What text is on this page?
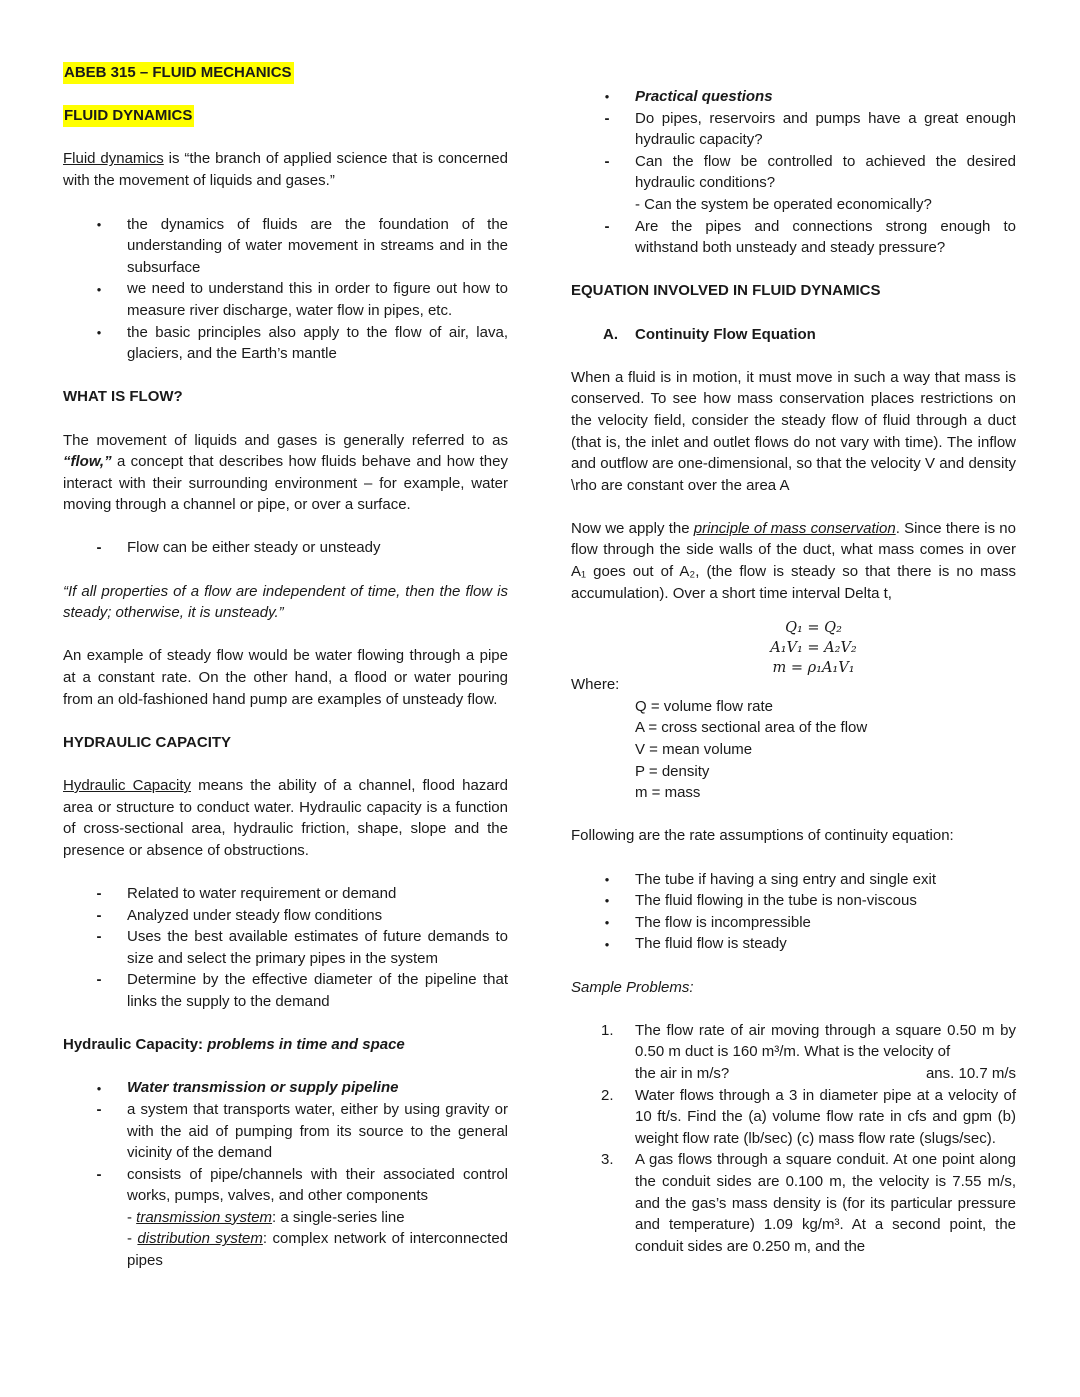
ABEB 315 – FLUID MECHANICS

FLUID DYNAMICS

Fluid dynamics is “the branch of applied science that is concerned with the movement of liquids and gases.”

●
the dynamics of fluids are the foundation of the understanding of water movement in streams and in the subsurface
●
we need to understand this in order to figure out how to measure river discharge, water flow in pipes, etc.
●
the basic principles also apply to the flow of air, lava, glaciers, and the Earth’s mantle

WHAT IS FLOW?

The movement of liquids and gases is generally referred to as “flow,” a concept that describes how fluids behave and how they interact with their surrounding environment – for example, water moving through a channel or pipe, or over a surface.

-
Flow can be either steady or unsteady

“If all properties of a flow are independent of time, then the flow is steady; otherwise, it is unsteady.”

An example of steady flow would be water flowing through a pipe at a constant rate. On the other hand, a flood or water pouring from an old-fashioned hand pump are examples of unsteady flow.

HYDRAULIC CAPACITY

Hydraulic Capacity means the ability of a channel, flood hazard area or structure to conduct water. Hydraulic capacity is a function of cross-sectional area, hydraulic friction, shape, slope and the presence or absence of obstructions.

-
Related to water requirement or demand
-
Analyzed under steady flow conditions
-
Uses the best available estimates of future demands to size and select the primary pipes in the system
-
Determine by the effective diameter of the pipeline that links the supply to the demand

Hydraulic Capacity: problems in time and space

●
Water transmission or supply pipeline
-
a system that transports water, either by using gravity or with the aid of pumping from its source to the general vicinity of the demand
-
consists of pipe/channels with their associated control works, pumps, valves, and other components
- transmission system: a single-series line

- distribution system: complex network of interconnected pipes
●
Practical questions
-
Do pipes, reservoirs and pumps have a great enough hydraulic capacity?
-
Can the flow be controlled to achieved the desired hydraulic conditions?
- Can the system be operated economically?
-
Are the pipes and connections strong enough to withstand both unsteady and steady pressure?

EQUATION INVOLVED IN FLUID DYNAMICS

A. Continuity Flow Equation

When a fluid is in motion, it must move in such a way that mass is conserved. To see how mass conservation places restrictions on the velocity field, consider the steady flow of fluid through a duct (that is, the inlet and outlet flows do not vary with time). The inflow and outflow are one-dimensional, so that the velocity V and density \rho are constant over the area A

Now we apply the principle of mass conservation. Since there is no flow through the side walls of the duct, what mass comes in over A₁ goes out of A₂, (the flow is steady so that there is no mass accumulation). Over a short time interval Delta t,

Q₁ = Q₂

A₁V₁ = A₂V₂

m = ρ₁A₁V₁

Where:

Q = volume flow rate

A = cross sectional area of the flow

V = mean volume

P = density

m = mass

Following are the rate assumptions of continuity equation:

●
The tube if having a sing entry and single exit
●
The fluid flowing in the tube is non-viscous
●
The flow is incompressible
●
The fluid flow is steady

Sample Problems:

1. The flow rate of air moving through a square 0.50 m by 0.50 m duct is 160 m³/m. What is the velocity of
the air in m/s?	ans. 10.7 m/s
2. Water flows through a 3 in diameter pipe at a velocity of 10 ft/s. Find the (a) volume flow rate in cfs and gpm (b) weight flow rate (lb/sec) (c) mass flow rate (slugs/sec).
3. A gas flows through a square conduit. At one point along the conduit sides are 0.100 m, the velocity is 7.55 m/s, and the gas’s mass density is (for its particular pressure and temperature) 1.09 kg/m³. At a second point, the conduit sides are 0.250 m, and the
